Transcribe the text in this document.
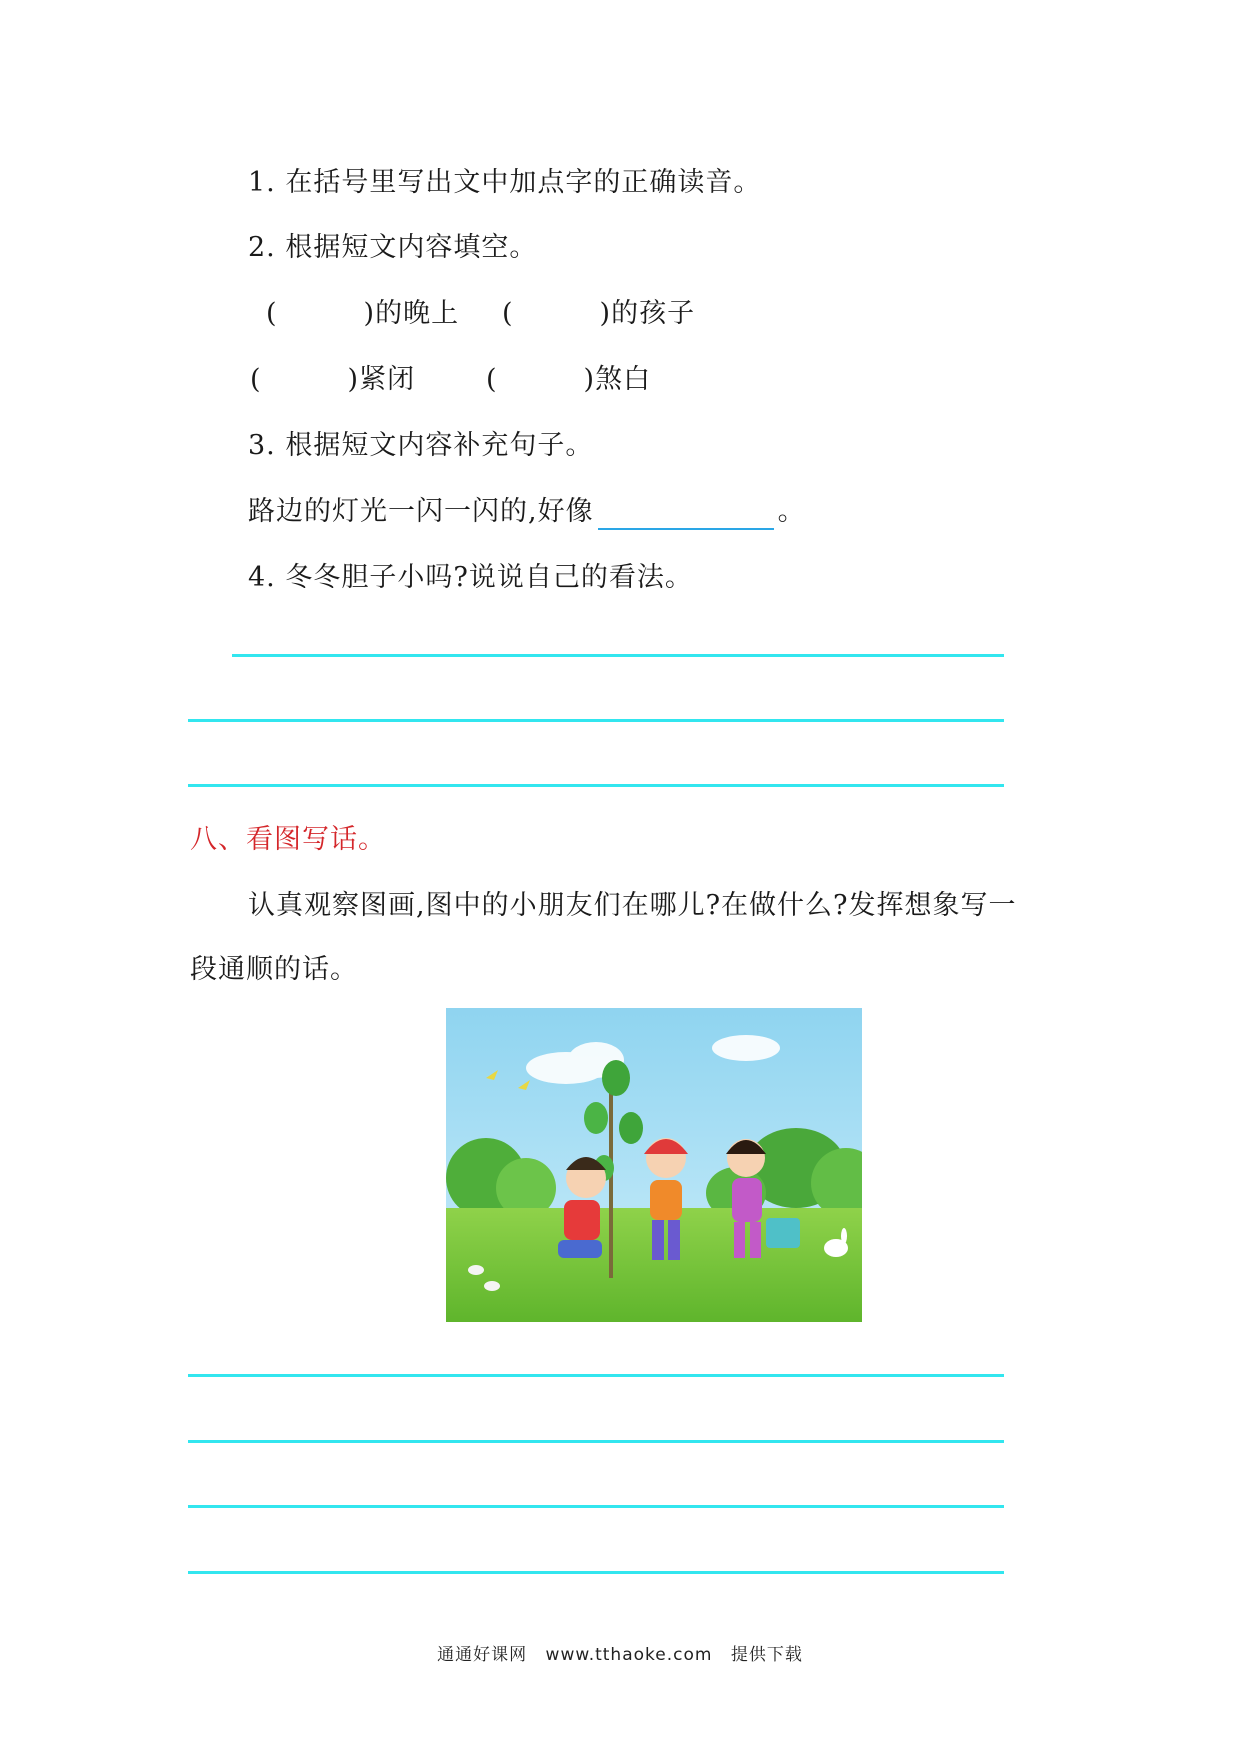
1. 在括号里写出文中加点字的正确读音。
2. 根据短文内容填空。
(	)的晚上 (	)的孩子
(	)紧闭	(	)煞白
3. 根据短文内容补充句子。
路边的灯光一闪一闪的,好像	。
4. 冬冬胆子小吗?说说自己的看法。
八、看图写话。
认真观察图画,图中的小朋友们在哪儿?在做什么?发挥想象写一
段通顺的话。
通通好课网 www.tthaoke.com 提供下载
